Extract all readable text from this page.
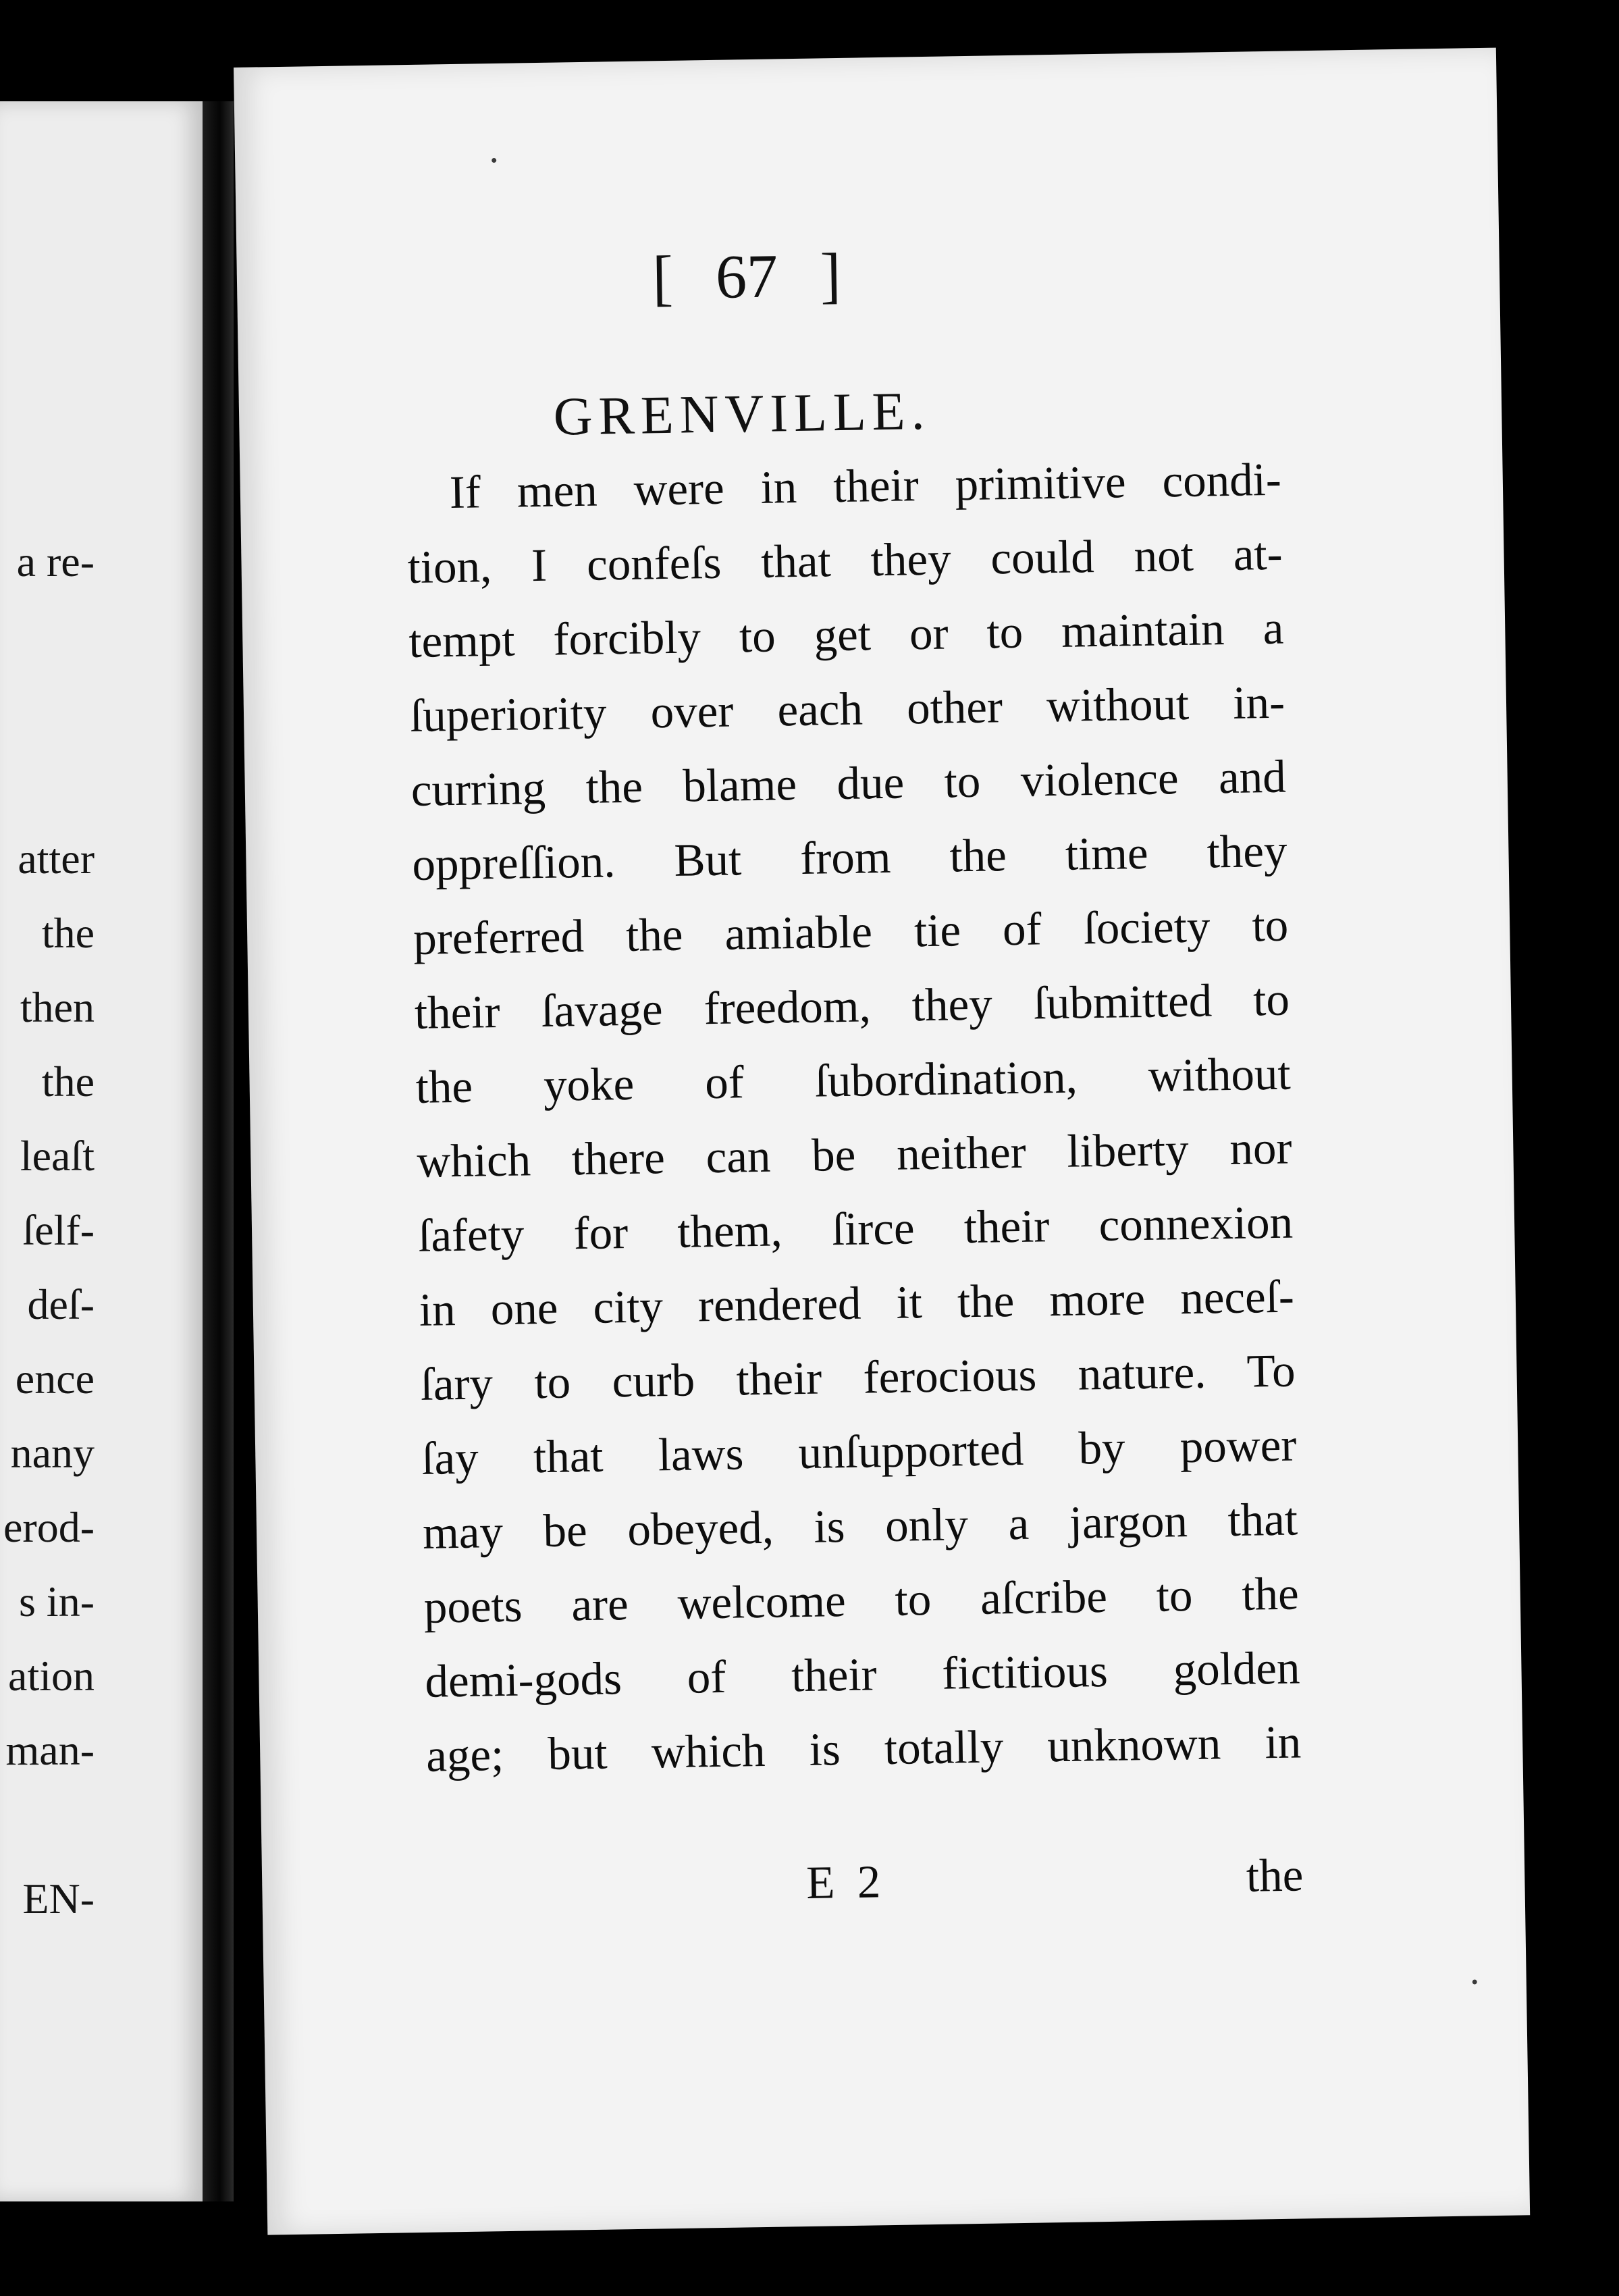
a re-
atter
the
then
the
leaſt
ſelf-
deſ-
ence
nany
erod-
s in-
ation
man-
EN-
[ 67 ]
GRENVILLE.
If men were in their primitive condi-
tion, I confeſs that they could not at-
tempt forcibly to get or to maintain a
ſuperiority over each other without in-
curring the blame due to violence and
oppreſſion. But from the time they
preferred the amiable tie of ſociety to
their ſavage freedom, they ſubmitted to
the yoke of ſubordination, without
which there can be neither liberty nor
ſafety for them, ſirce their connexion
in one city rendered it the more neceſ-
ſary to curb their ferocious nature. To
ſay that laws unſupported by power
may be obeyed, is only a jargon that
poets are welcome to aſcribe to the
demi-gods of their fictitious golden
age; but which is totally unknown in
E 2	the
